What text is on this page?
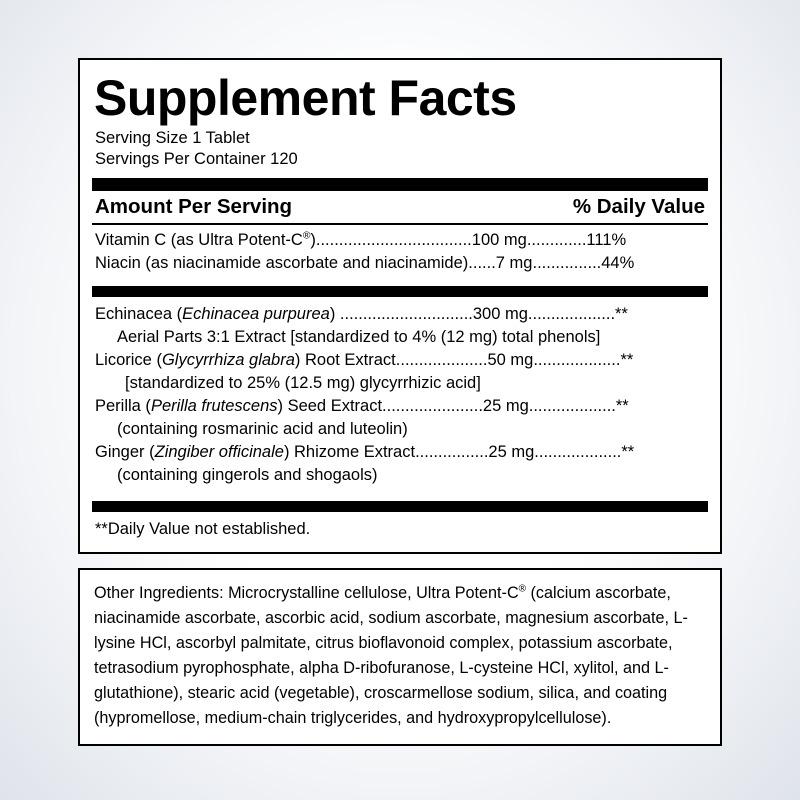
Supplement Facts
Serving Size 1 Tablet
Servings Per Container 120
Amount Per Serving	% Daily Value
Vitamin C (as Ultra Potent-C®)..................................100 mg.............111%
Niacin (as niacinamide ascorbate and niacinamide)......7 mg...............44%
Echinacea (Echinacea purpurea) .............................300 mg...................**
Aerial Parts 3:1 Extract [standardized to 4% (12 mg) total phenols]
Licorice (Glycyrrhiza glabra) Root Extract....................50 mg...................**
[standardized to 25% (12.5 mg) glycyrrhizic acid]
Perilla (Perilla frutescens) Seed Extract......................25 mg...................**
(containing rosmarinic acid and luteolin)
Ginger (Zingiber officinale) Rhizome Extract................25 mg...................**
(containing gingerols and shogaols)
**Daily Value not established.
Other Ingredients: Microcrystalline cellulose, Ultra Potent-C® (calcium ascorbate, niacinamide ascorbate, ascorbic acid, sodium ascorbate, magnesium ascorbate, L-lysine HCl, ascorbyl palmitate, citrus bioflavonoid complex, potassium ascorbate, tetrasodium pyrophosphate, alpha D-ribofuranose, L-cysteine HCl, xylitol, and L-glutathione), stearic acid (vegetable), croscarmellose sodium, silica, and coating (hypromellose, medium-chain triglycerides, and hydroxypropylcellulose).
